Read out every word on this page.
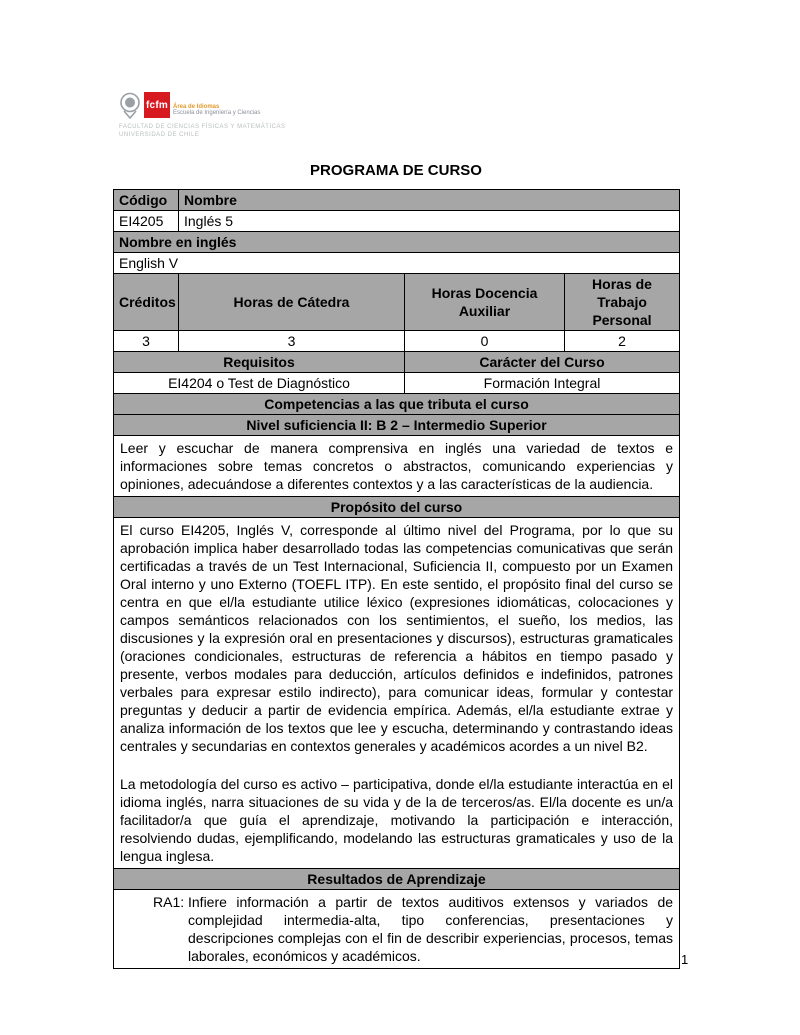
fcfm Área de Idiomas
Escuela de Ingeniería y Ciencias
FACULTAD DE CIENCIAS FÍSICAS Y MATEMÁTICAS
UNIVERSIDAD DE CHILE
PROGRAMA DE CURSO
Código	Nombre		
EI4205	Inglés 5		
Nombre en inglés			
English V			
Créditos	Horas de Cátedra	Horas Docencia Auxiliar	Horas de Trabajo Personal
3	3	0	2
Requisitos		Carácter del Curso	
EI4204 o Test de Diagnóstico		Formación Integral	
Competencias a las que tributa el curso			
Nivel suficiencia II: B 2 – Intermedio Superior			
Leer y escuchar de manera comprensiva en inglés una variedad de textos e informaciones sobre temas concretos o abstractos, comunicando experiencias y opiniones, adecuándose a diferentes contextos y a las características de la audiencia.			
Propósito del curso			

El curso EI4205, Inglés V, corresponde al último nivel del Programa, por lo que su aprobación implica haber desarrollado todas las competencias comunicativas que serán certificadas a través de un Test Internacional, Suficiencia II, compuesto por un Examen Oral interno y uno Externo (TOEFL ITP). En este sentido, el propósito final del curso se centra en que el/la estudiante utilice léxico (expresiones idiomáticas, colocaciones y campos semánticos relacionados con los sentimientos, el sueño, los medios, las discusiones y la expresión oral en presentaciones y discursos), estructuras gramaticales (oraciones condicionales, estructuras de referencia a hábitos en tiempo pasado y presente, verbos modales para deducción, artículos definidos e indefinidos, patrones verbales para expresar estilo indirecto), para comunicar ideas, formular y contestar preguntas y deducir a partir de evidencia empírica. Además, el/la estudiante extrae y analiza información de los textos que lee y escucha, determinando y contrastando ideas centrales y secundarias en contextos generales y académicos acordes a un nivel B2.

La metodología del curso es activo – participativa, donde el/la estudiante interactúa en el idioma inglés, narra situaciones de su vida y de la de terceros/as. El/la docente es un/a facilitador/a que guía el aprendizaje, motivando la participación e interacción, resolviendo dudas, ejemplificando, modelando las estructuras gramaticales y uso de la lengua inglesa.			

Resultados de Aprendizaje			

RA1: Infiere información a partir de textos auditivos extensos y variados de complejidad intermedia-alta, tipo conferencias, presentaciones y descripciones complejas con el fin de describir experiencias, procesos, temas laborales, económicos y académicos.				1
